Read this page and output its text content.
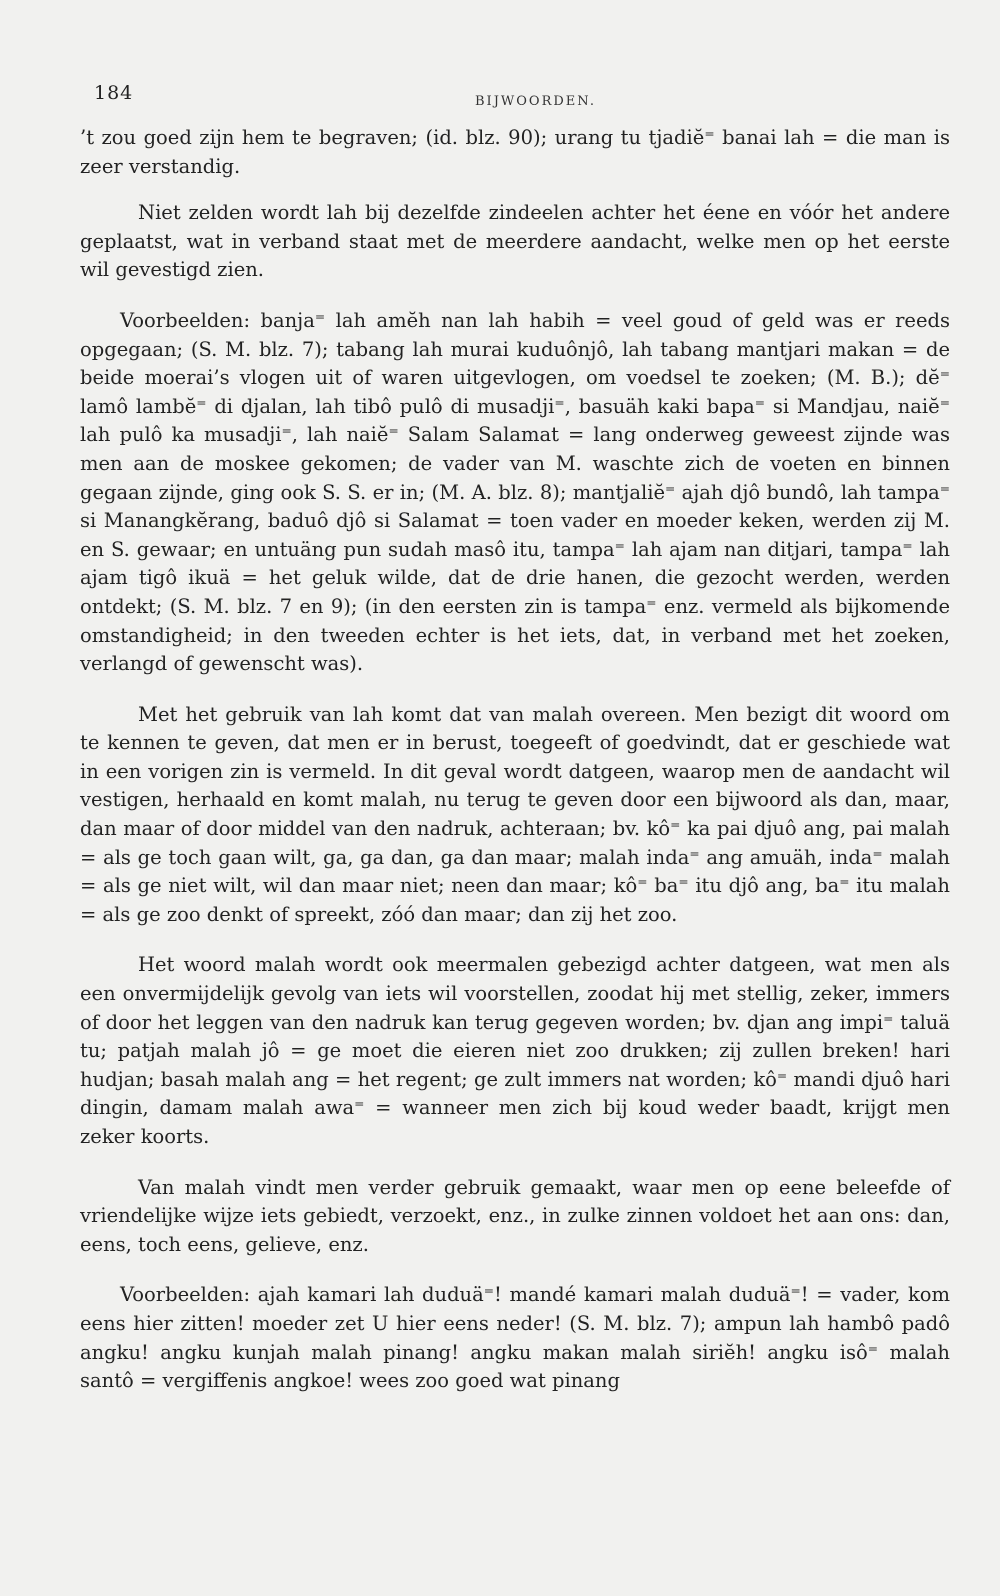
184	BIJWOORDEN.

’t zou goed zijn hem te begraven; (id. blz. 90); urang tu tjadiĕ⁼ banai lah = die man is zeer verstandig.

Niet zelden wordt lah bij dezelfde zindeelen achter het éene en vóór het andere geplaatst, wat in verband staat met de meerdere aandacht, welke men op het eerste wil gevestigd zien.

Voorbeelden: banja⁼ lah amĕh nan lah habih = veel goud of geld was er reeds opgegaan; (S. M. blz. 7); tabang lah murai kuduônjô, lah tabang mantjari makan = de beide moerai’s vlogen uit of waren uitgevlogen, om voedsel te zoeken; (M. B.); dĕ⁼ lamô lambĕ⁼ di djalan, lah tibô pulô di musadji⁼, basuäh kaki bapa⁼ si Mandjau, naiĕ⁼ lah pulô ka musadji⁼, lah naiĕ⁼ Salam Salamat = lang onderweg geweest zijnde was men aan de moskee gekomen; de vader van M. waschte zich de voeten en binnen gegaan zijnde, ging ook S. S. er in; (M. A. blz. 8); mantjaliĕ⁼ ajah djô bundô, lah tampa⁼ si Manangkĕrang, baduô djô si Salamat = toen vader en moeder keken, werden zij M. en S. gewaar; en untuäng pun sudah masô itu, tampa⁼ lah ajam nan ditjari, tampa⁼ lah ajam tigô ikuä = het geluk wilde, dat de drie hanen, die gezocht werden, werden ontdekt; (S. M. blz. 7 en 9); (in den eersten zin is tampa⁼ enz. vermeld als bijkomende omstandigheid; in den tweeden echter is het iets, dat, in verband met het zoeken, verlangd of gewenscht was).

Met het gebruik van lah komt dat van malah overeen. Men bezigt dit woord om te kennen te geven, dat men er in berust, toegeeft of goedvindt, dat er geschiede wat in een vorigen zin is vermeld. In dit geval wordt datgeen, waarop men de aandacht wil vestigen, herhaald en komt malah, nu terug te geven door een bijwoord als dan, maar, dan maar of door middel van den nadruk, achteraan; bv. kô⁼ ka pai djuô ang, pai malah = als ge toch gaan wilt, ga, ga dan, ga dan maar; malah inda⁼ ang amuäh, inda⁼ malah = als ge niet wilt, wil dan maar niet; neen dan maar; kô⁼ ba⁼ itu djô ang, ba⁼ itu malah = als ge zoo denkt of spreekt, zóó dan maar; dan zij het zoo.

Het woord malah wordt ook meermalen gebezigd achter datgeen, wat men als een onvermijdelijk gevolg van iets wil voorstellen, zoodat hij met stellig, zeker, immers of door het leggen van den nadruk kan terug gegeven worden; bv. djan ang impi⁼ taluä tu; patjah malah jô = ge moet die eieren niet zoo drukken; zij zullen breken! hari hudjan; basah malah ang = het regent; ge zult immers nat worden; kô⁼ mandi djuô hari dingin, damam malah awa⁼ = wanneer men zich bij koud weder baadt, krijgt men zeker koorts.

Van malah vindt men verder gebruik gemaakt, waar men op eene beleefde of vriendelijke wijze iets gebiedt, verzoekt, enz., in zulke zinnen voldoet het aan ons: dan, eens, toch eens, gelieve, enz.

Voorbeelden: ajah kamari lah duduä⁼! mandé kamari malah duduä⁼! = vader, kom eens hier zitten! moeder zet U hier eens neder! (S. M. blz. 7); ampun lah hambô padô angku! angku kunjah malah pinang! angku makan malah siriĕh! angku isô⁼ malah santô = vergiffenis angkoe! wees zoo goed wat pinang
